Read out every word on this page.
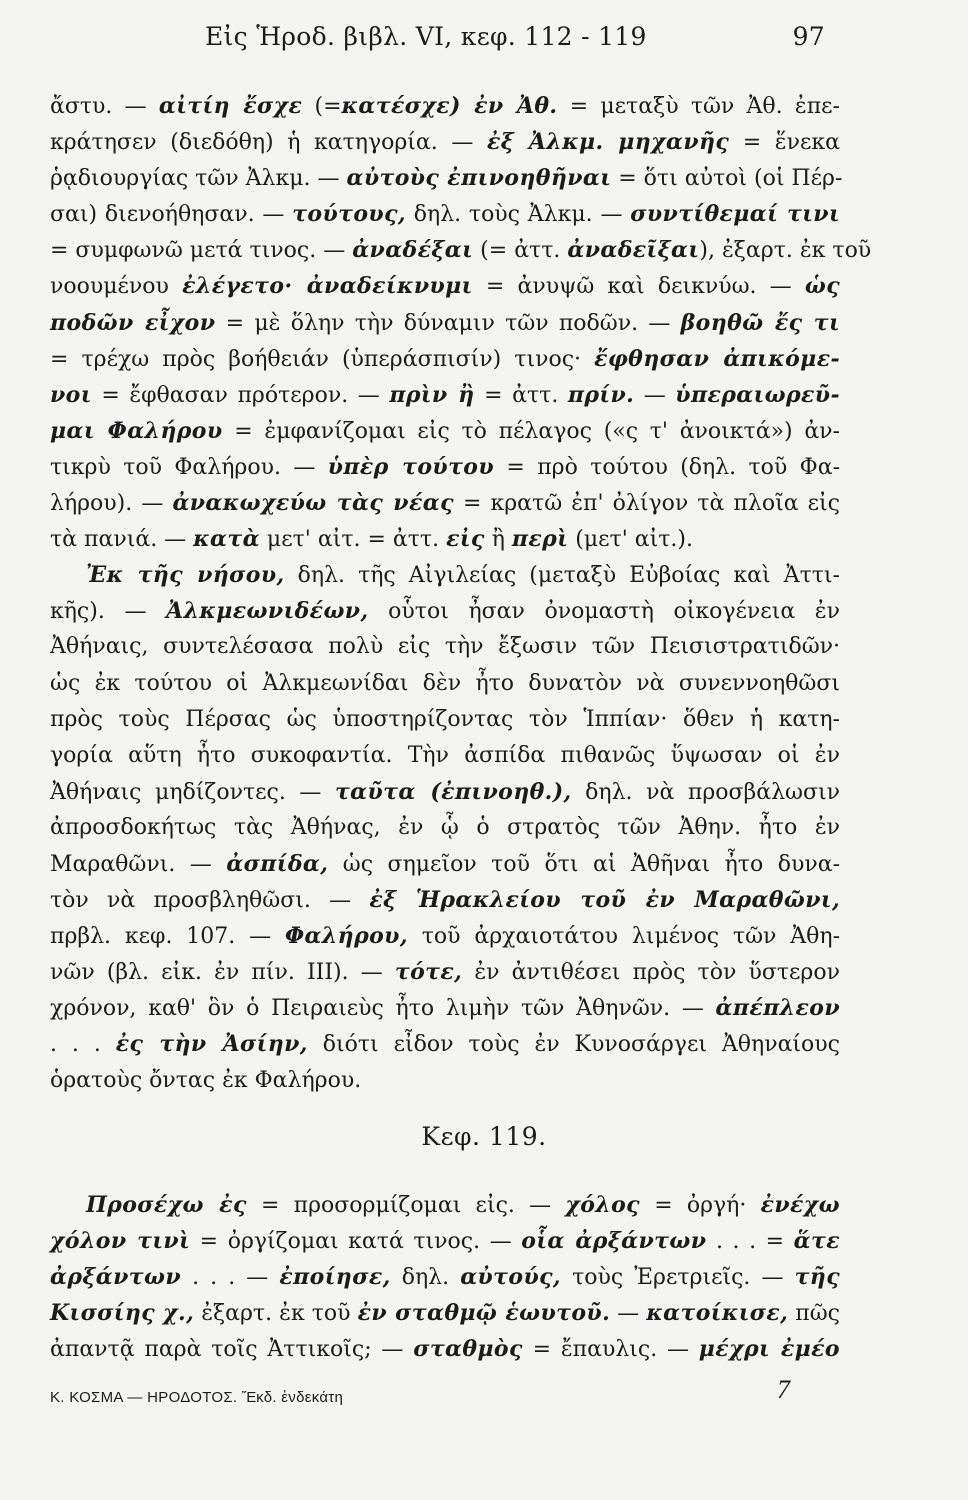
Εἰς Ἡροδ. βιβλ. VI, κεφ. 112 - 119	97
ἄστυ. — αἰτίη ἔσχε (=κατέσχε) ἐν Ἀθ. = μεταξὺ τῶν Ἀθ. ἐπε-
κράτησεν (διεδόθη) ἡ κατηγορία. — ἐξ Ἀλκμ. μηχανῆς = ἕνεκα
ῥᾳδιουργίας τῶν Ἀλκμ. — αὐτοὺς ἐπινοηθῆναι = ὅτι αὐτοὶ (οἱ Πέρ-
σαι) διενοήθησαν. — τούτους, δηλ. τοὺς Ἀλκμ. — συντίθεμαί τινι
= συμφωνῶ μετά τινος. — ἀναδέξαι (= ἀττ. ἀναδεῖξαι), ἐξαρτ. ἐκ τοῦ
νοουμένου ἐλέγετο· ἀναδείκνυμι = ἀνυψῶ καὶ δεικνύω. — ὡς
ποδῶν εἶχον = μὲ ὅλην τὴν δύναμιν τῶν ποδῶν. — βοηθῶ ἔς τι
= τρέχω πρὸς βοήθειάν (ὑπεράσπισίν) τινος· ἔφθησαν ἀπικόμε-
νοι = ἔφθασαν πρότερον. — πρὶν ἢ = ἀττ. πρίν. — ὑπεραιωρεῦ-
μαι Φαλήρου = ἐμφανίζομαι εἰς τὸ πέλαγος («ς τ' ἀνοικτά») ἀν-
τικρὺ τοῦ Φαλήρου. — ὑπὲρ τούτου = πρὸ τούτου (δηλ. τοῦ Φα-
λήρου). — ἀνακωχεύω τὰς νέας = κρατῶ ἐπ' ὀλίγον τὰ πλοῖα εἰς
τὰ πανιά. — κατὰ μετ' αἰτ. = ἀττ. εἰς ἢ περὶ (μετ' αἰτ.).
Ἐκ τῆς νήσου, δηλ. τῆς Αἰγιλείας (μεταξὺ Εὐβοίας καὶ Ἀττι-
κῆς). — Ἀλκμεωνιδέων, οὗτοι ἦσαν ὀνομαστὴ οἰκογένεια ἐν
Ἀθήναις, συντελέσασα πολὺ εἰς τὴν ἔξωσιν τῶν Πεισιστρατιδῶν·
ὡς ἐκ τούτου οἱ Ἀλκμεωνίδαι δὲν ἦτο δυνατὸν νὰ συνεννοηθῶσι
πρὸς τοὺς Πέρσας ὡς ὑποστηρίζοντας τὸν Ἱππίαν· ὅθεν ἡ κατη-
γορία αὕτη ἦτο συκοφαντία. Τὴν ἀσπίδα πιθανῶς ὕψωσαν οἱ ἐν
Ἀθήναις μηδίζοντες. — ταῦτα (ἐπινοηθ.), δηλ. νὰ προσβάλωσιν
ἀπροσδοκήτως τὰς Ἀθήνας, ἐν ᾧ ὁ στρατὸς τῶν Ἀθην. ἦτο ἐν
Μαραθῶνι. — ἀσπίδα, ὡς σημεῖον τοῦ ὅτι αἱ Ἀθῆναι ἦτο δυνα-
τὸν νὰ προσβληθῶσι. — ἐξ Ἡρακλείου τοῦ ἐν Μαραθῶνι,
πρβλ. κεφ. 107. — Φαλήρου, τοῦ ἀρχαιοτάτου λιμένος τῶν Ἀθη-
νῶν (βλ. εἰκ. ἐν πίν. ΙΙΙ). — τότε, ἐν ἀντιθέσει πρὸς τὸν ὕστερον
χρόνον, καθ' ὃν ὁ Πειραιεὺς ἦτο λιμὴν τῶν Ἀθηνῶν. — ἀπέπλεον
. . . ἐς τὴν Ἀσίην, διότι εἶδον τοὺς ἐν Κυνοσάργει Ἀθηναίους
ὁρατοὺς ὄντας ἐκ Φαλήρου.
Κεφ. 119.
Προσέχω ἐς = προσορμίζομαι εἰς. — χόλος = ὀργή· ἐνέχω
χόλον τινὶ = ὀργίζομαι κατά τινος. — οἷα ἀρξάντων . . . = ἅτε
ἀρξάντων . . . — ἐποίησε, δηλ. αὐτούς, τοὺς Ἐρετριεῖς. — τῆς
Κισσίης χ., ἐξαρτ. ἐκ τοῦ ἐν σταθμῷ ἑωυτοῦ. — κατοίκισε, πῶς
ἀπαντᾷ παρὰ τοῖς Ἀττικοῖς; — σταθμὸς = ἔπαυλις. — μέχρι ἐμέο
Κ. ΚΟΣΜΑ — ΗΡΟΔΟΤΟΣ. Ἔκδ. ἑνδεκάτη	7
